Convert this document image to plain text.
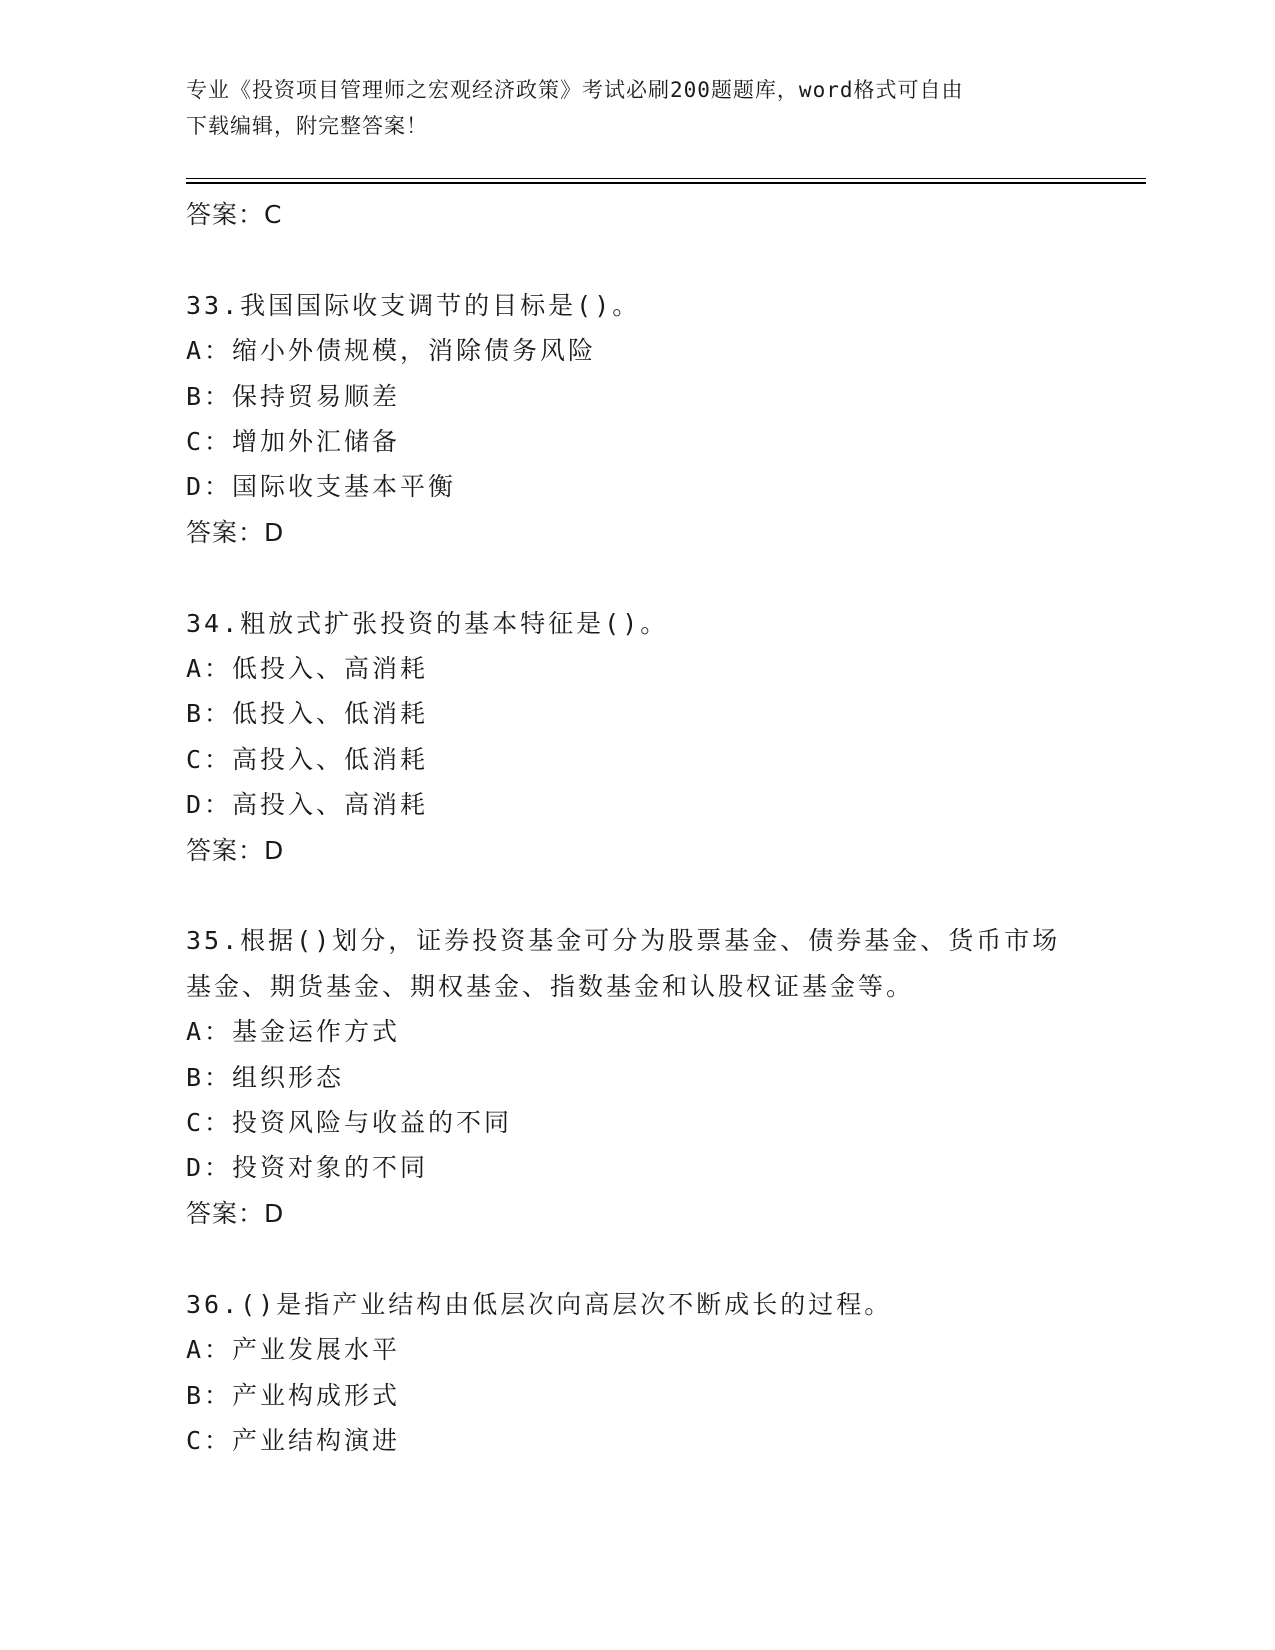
专业《投资项目管理师之宏观经济政策》考试必刷200题题库，word格式可自由
下载编辑，附完整答案！
答案：C
33.我国国际收支调节的目标是()。
A：缩小外债规模，消除债务风险
B：保持贸易顺差
C：增加外汇储备
D：国际收支基本平衡
答案：D
34.粗放式扩张投资的基本特征是()。
A：低投入、高消耗
B：低投入、低消耗
C：高投入、低消耗
D：高投入、高消耗
答案：D
35.根据()划分，证券投资基金可分为股票基金、债券基金、货币市场
基金、期货基金、期权基金、指数基金和认股权证基金等。
A：基金运作方式
B：组织形态
C：投资风险与收益的不同
D：投资对象的不同
答案：D
36.()是指产业结构由低层次向高层次不断成长的过程。
A：产业发展水平
B：产业构成形式
C：产业结构演进
